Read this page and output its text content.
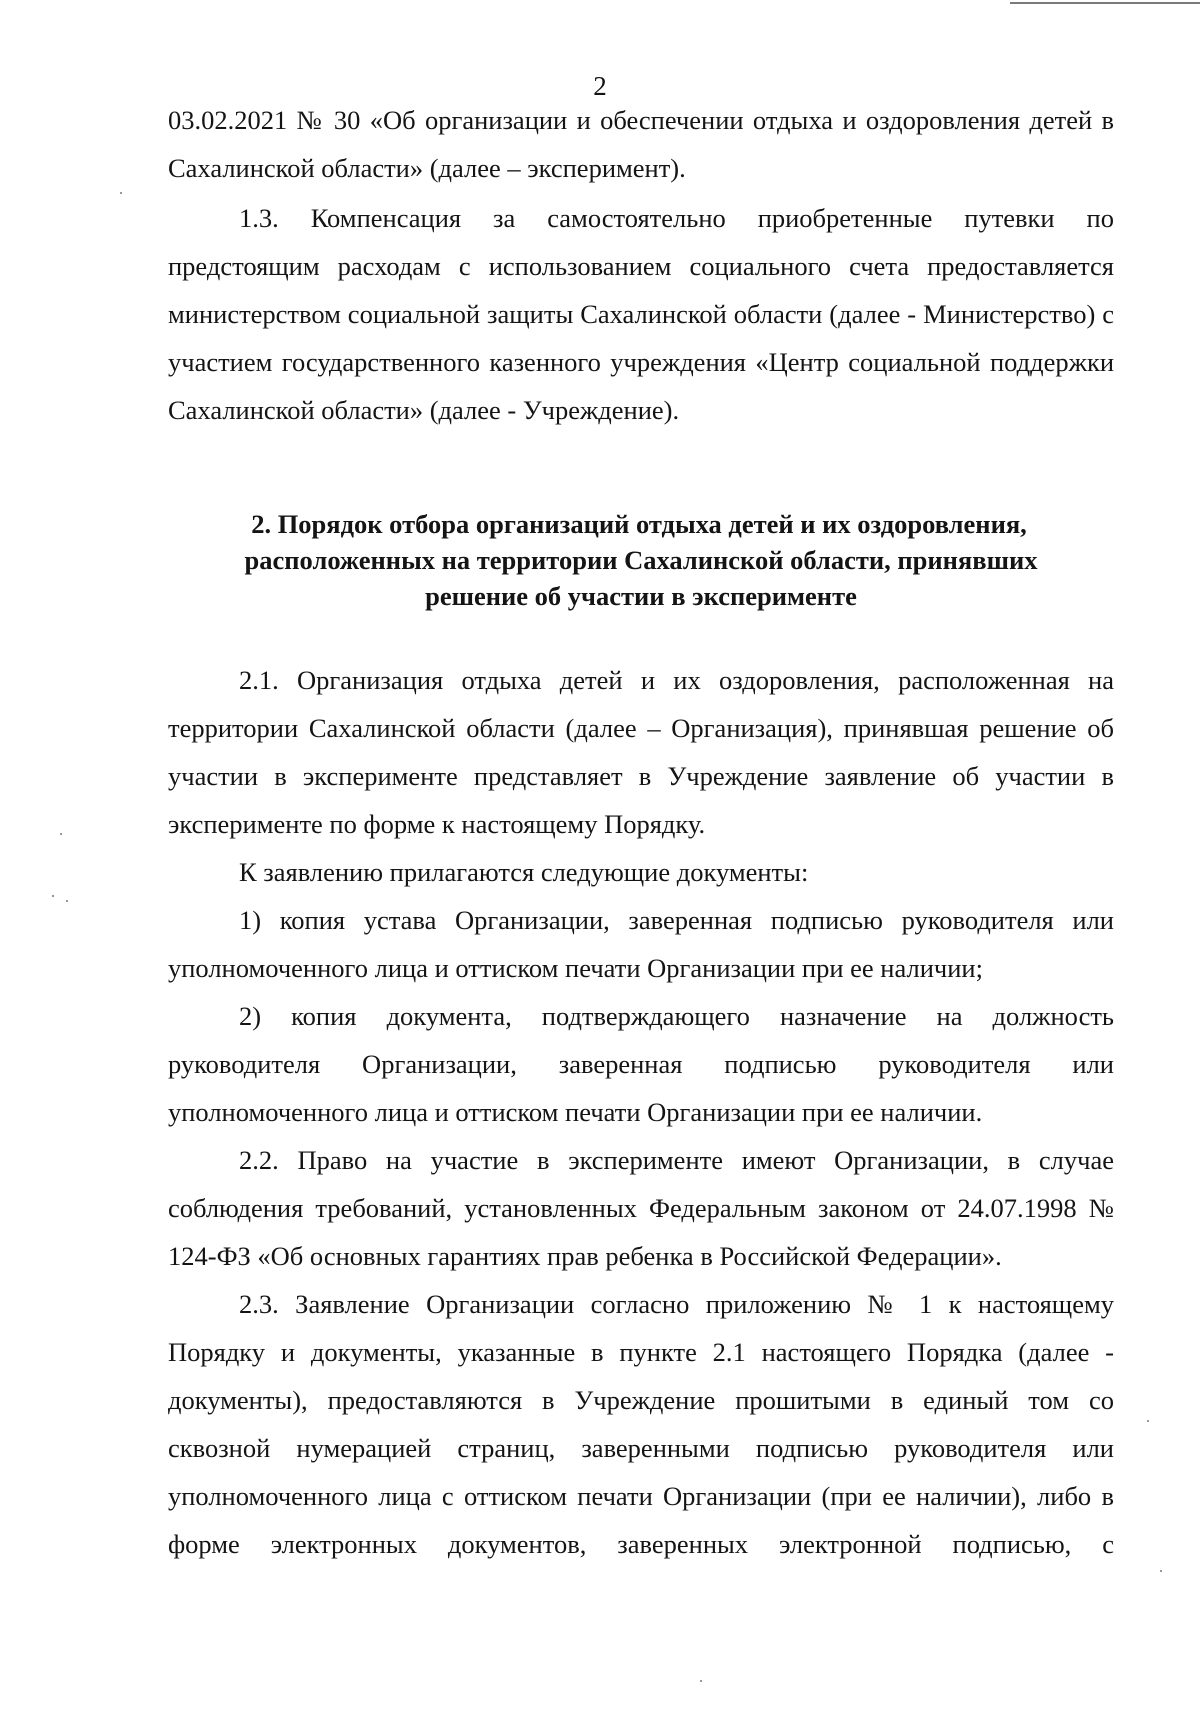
2

03.02.2021 № 30 «Об организации и обеспечении отдыха и оздоровления детей в Сахалинской области» (далее – эксперимент).

1.3. Компенсация за самостоятельно приобретенные путевки по предстоящим расходам с использованием социального счета предоставляется министерством социальной защиты Сахалинской области (далее - Министерство) с участием государственного казенного учреждения «Центр социальной поддержки Сахалинской области» (далее - Учреждение).

2. Порядок отбора организаций отдыха детей и их оздоровления,
расположенных на территории Сахалинской области, принявших
решение об участии в эксперименте

2.1. Организация отдыха детей и их оздоровления, расположенная на территории Сахалинской области (далее – Организация), принявшая решение об участии в эксперименте представляет в Учреждение заявление об участии в эксперименте по форме к настоящему Порядку.

К заявлению прилагаются следующие документы:

1) копия устава Организации, заверенная подписью руководителя или уполномоченного лица и оттиском печати Организации при ее наличии;

2) копия документа, подтверждающего назначение на должность руководителя Организации, заверенная подписью руководителя или уполномоченного лица и оттиском печати Организации при ее наличии.

2.2. Право на участие в эксперименте имеют Организации, в случае соблюдения требований, установленных Федеральным законом от 24.07.1998 № 124-ФЗ «Об основных гарантиях прав ребенка в Российской Федерации».

2.3. Заявление Организации согласно приложению № 1 к настоящему Порядку и документы, указанные в пункте 2.1 настоящего Порядка (далее - документы), предоставляются в Учреждение прошитыми в единый том со сквозной нумерацией страниц, заверенными подписью руководителя или уполномоченного лица с оттиском печати Организации (при ее наличии), либо в форме электронных документов, заверенных электронной подписью, с
